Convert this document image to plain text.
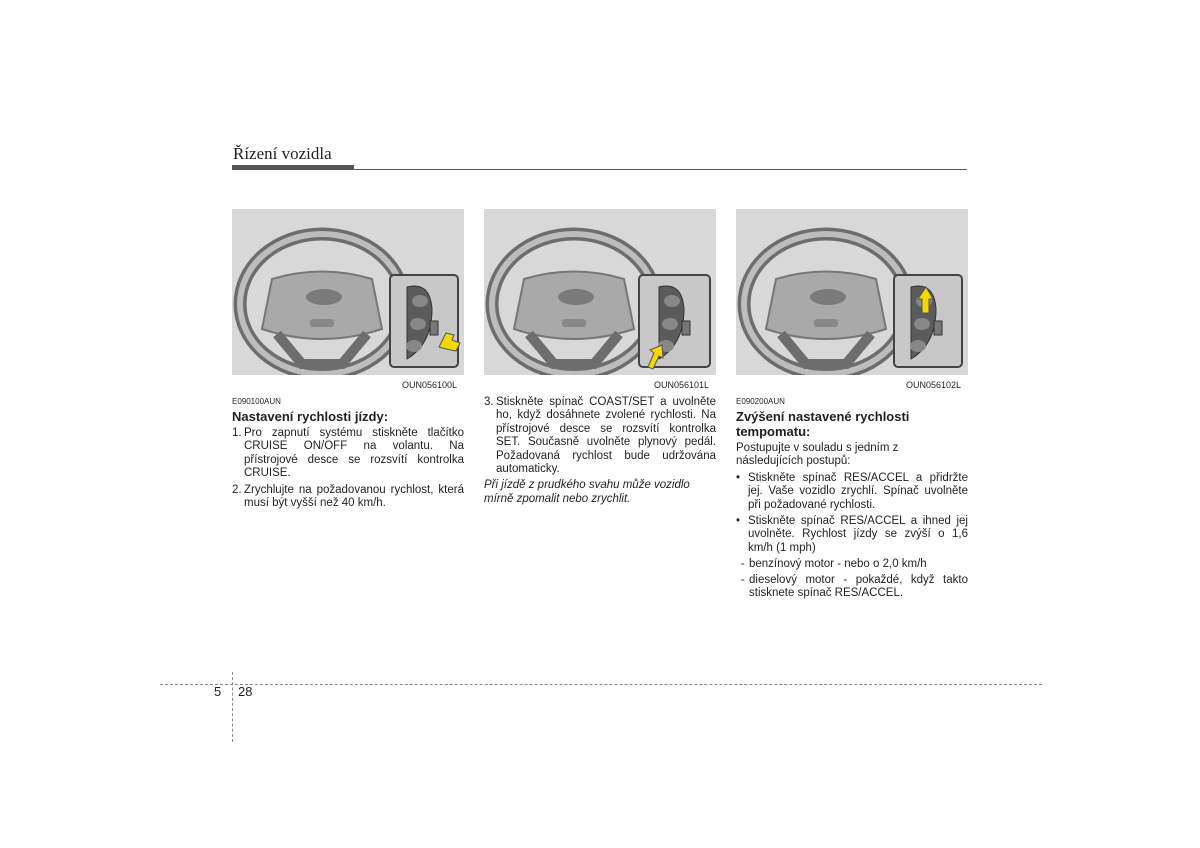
Řízení vozidla
OUN056100L	OUN056101L	OUN056102L
E090100AUN
Nastavení rychlosti jízdy:
1. Pro zapnutí systému stiskněte tlačítko CRUISE ON/OFF na volantu. Na přístrojové desce se rozsvítí kontrolka CRUISE.
2. Zrychlujte na požadovanou rychlost, která musí být vyšší než 40 km/h.
3. Stiskněte spínač COAST/SET a uvolněte ho, když dosáhnete zvolené rychlosti. Na přístrojové desce se rozsvítí kontrolka SET. Současně uvolněte plynový pedál. Požadovaná rychlost bude udržována automaticky.

Při jízdě z prudkého svahu může vozidlo mírně zpomalit nebo zrychlit.

E090200AUN
Zvýšení nastavené rychlosti tempomatu:

Postupujte v souladu s jedním z následujících postupů:

• Stiskněte spínač RES/ACCEL a přidržte jej. Vaše vozidlo zrychlí. Spínač uvolněte při požadované rychlosti.
• Stiskněte spínač RES/ACCEL a ihned jej uvolněte. Rychlost jízdy se zvýší o 1,6 km/h (1 mph)
- benzínový motor - nebo o 2,0 km/h
- dieselový motor - pokaždé, když takto stisknete spínač RES/ACCEL.
5 28
